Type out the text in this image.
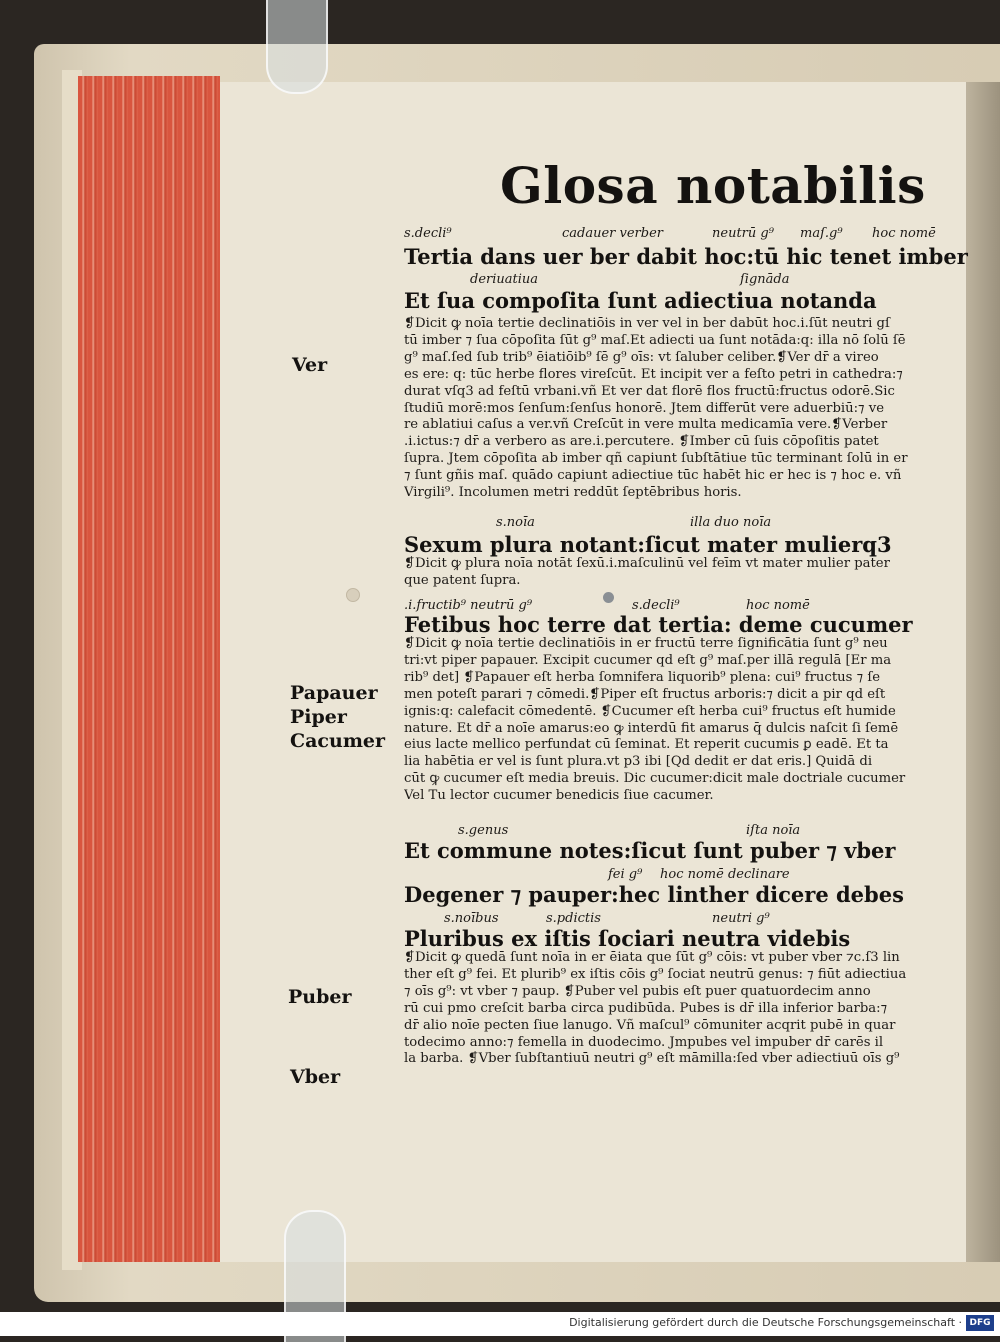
Glosa notabilis
s.decli⁹	cadauer verber	neutrū g⁹ maſ.g⁹ hoc nomē
deriuatiua	ſignāda
s.noīa	illa duo noīa
.i.fructib⁹ neutrū g⁹	s.decli⁹	hoc nomē
s.genus	iſta noīa
fei g⁹ hoc nomē declinare
s.noībus	s.pdictis	neutri g⁹
Tertia dans uer ber dabit hoc:tū hic tenet imber
Et ſua compoſita ſunt adiectiua notanda
Sexum plura notant:ſicut mater mulierq3
Fetibus hoc terre dat tertia: deme cucumer
Et commune notes:ſicut ſunt puber ⁊ vber
Degener ⁊ pauper:hec linther dicere debes
Pluribus ex iſtis ſociari neutra videbis
❡Dicit ꝙ noīa tertie declinatiōis in ver vel in ber dabūt hoc.i.ſūt neutri gſ
tū imber ⁊ ſua cōpoſita ſūt g⁹ maſ.Et adiecti ua ſunt notāda:q: illa nō ſolū ſē
g⁹ maſ.ſed ſub trib⁹ ēiatiōib⁹ ſē g⁹ oīs: vt ſaluber celiber.❡Ver dr̄ a vireo
es ere: q: tūc herbe flores vireſcūt. Et incipit ver a feſto petri in cathedra:⁊
durat vſq3 ad feſtū vrbani.vñ Et ver dat florē flos fructū:fructus odorē.Sic
ſtudiū morē:mos ſenſum:ſenſus honorē. Jtem differūt vere aduerbiū:⁊ ve
re ablatiui caſus a ver.vñ Creſcūt in vere multa medicamīa vere.❡Verber
.i.ictus:⁊ dr̄ a verbero as are.i.percutere. ❡Imber cū ſuis cōpoſitis patet
ſupra. Jtem cōpoſita ab imber qñ capiunt ſubſtātiue tūc terminant ſolū in er
⁊ ſunt gñis maſ. quādo capiunt adiectiue tūc habēt hic er hec is ⁊ hoc e. vñ
Virgili⁹. Incolumen metri reddūt ſeptēbribus horis.
❡Dicit ꝙ plura noīa notāt ſexū.i.maſculinū vel feīm vt mater mulier pater
que patent ſupra.
❡Dicit ꝙ noīa tertie declinatiōis in er fructū terre ſignificātia ſunt g⁹ neu
tri:vt piper papauer. Excipit cucumer qd eſt g⁹ maſ.per illā regulā [Er ma
rib⁹ det] ❡Papauer eſt herba ſomnifera liquorib⁹ plena: cui⁹ fructus ⁊ ſe
men poteſt parari ⁊ cōmedi.❡Piper eſt fructus arboris:⁊ dicit a pir qd eſt
ignis:q: calefacit cōmedentē. ❡Cucumer eſt herba cui⁹ fructus eſt humide
nature. Et dr̄ a noīe amarus:eo ꝙ interdū fit amarus q̄ dulcis naſcit ſi ſemē
eius lacte mellico perfundat cū ſeminat. Et reperit cucumis ꝑ eadē. Et ta
lia habētia er vel is ſunt plura.vt p3 ibi [Qd dedit er dat eris.] Quidā di
cūt ꝙ cucumer eſt media breuis. Dic cucumer:dicit male doctriale cucumer
Vel Tu lector cucumer benedicis ſiue cacumer.
❡Dicit ꝙ quedā ſunt noīa in er ēiata que ſūt g⁹ cōis: vt puber vber ⁊c.ſ3 lin
ther eſt g⁹ fei. Et plurib⁹ ex iſtis cōis g⁹ ſociat neutrū genus: ⁊ fiūt adiectiua
⁊ oīs g⁹: vt vber ⁊ paup. ❡Puber vel pubis eſt puer quatuordecim anno
rū cui pmo creſcit barba circa pudibūda. Pubes is dr̄ illa inferior barba:⁊
dr̄ alio noīe pecten ſiue lanugo. Vñ maſcul⁹ cōmuniter acqrit pubē in quar
todecimo anno:⁊ femella in duodecimo. Jmpubes vel impuber dr̄ carēs il
la barba. ❡Vber ſubſtantiuū neutri g⁹ eſt māmilla:ſed vber adiectiuū oīs g⁹
Ver
Papauer
Piper
Cacumer
Puber
Vber
Digitalisierung gefördert durch die Deutsche Forschungsgemeinschaft · DFG
